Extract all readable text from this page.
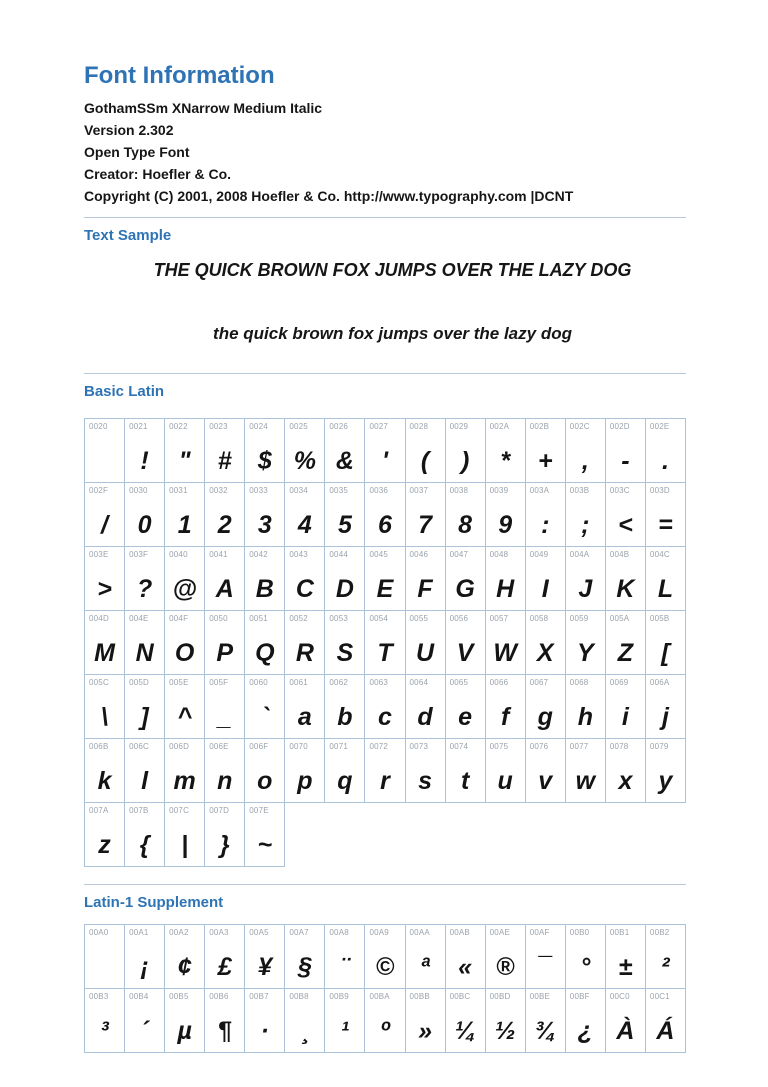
Font Information
GothamSSm XNarrow Medium Italic
Version 2.302
Open Type Font
Creator: Hoefler & Co.
Copyright (C) 2001, 2008 Hoefler & Co. http://www.typography.com |DCNT
Text Sample
THE QUICK BROWN FOX JUMPS OVER THE LAZY DOG
the quick brown fox jumps over the lazy dog
Basic Latin
0020	0021
!
0022
"
0023
#
0024
$
0025
%
0026
&
0027
'
0028
(
0029
)
002A
*
002B
+
002C
,
002D
-
002E
.
002F
/
0030
0
0031
1
0032
2
0033
3
0034
4
0035
5
0036
6
0037
7
0038
8
0039
9
003A
:
003B
;
003C
<
003D
=
003E
>
003F
?
0040
@
0041
A
0042
B
0043
C
0044
D
0045
E
0046
F
0047
G
0048
H
0049
I
004A
J
004B
K
004C
L
004D
M
004E
N
004F
O
0050
P
0051
Q
0052
R
0053
S
0054
T
0055
U
0056
V
0057
W
0058
X
0059
Y
005A
Z
005B
[
005C
\
005D
]
005E
^
005F
_
0060
`
0061
a
0062
b
0063
c
0064
d
0065
e
0066
f
0067
g
0068
h
0069
i
006A
j
006B
k
006C
l
006D
m
006E
n
006F
o
0070
p
0071
q
0072
r
0073
s
0074
t
0075
u
0076
v
0077
w
0078
x
0079
y
007A
z
007B
{
007C
|
007D
}
007E
~
Latin-1 Supplement
00A0	00A1
¡
00A2
¢
00A3
£
00A5
¥
00A7
§
00A8
¨
00A9
©
00AA
ª
00AB
«
00AE
®
00AF
¯
00B0
°
00B1
±
00B2
²
00B3
³
00B4
´
00B5
µ
00B6
¶
00B7
·
00B8
¸
00B9
¹
00BA
º
00BB
»
00BC
¼
00BD
½
00BE
¾
00BF
¿
00C0
À
00C1
Á
